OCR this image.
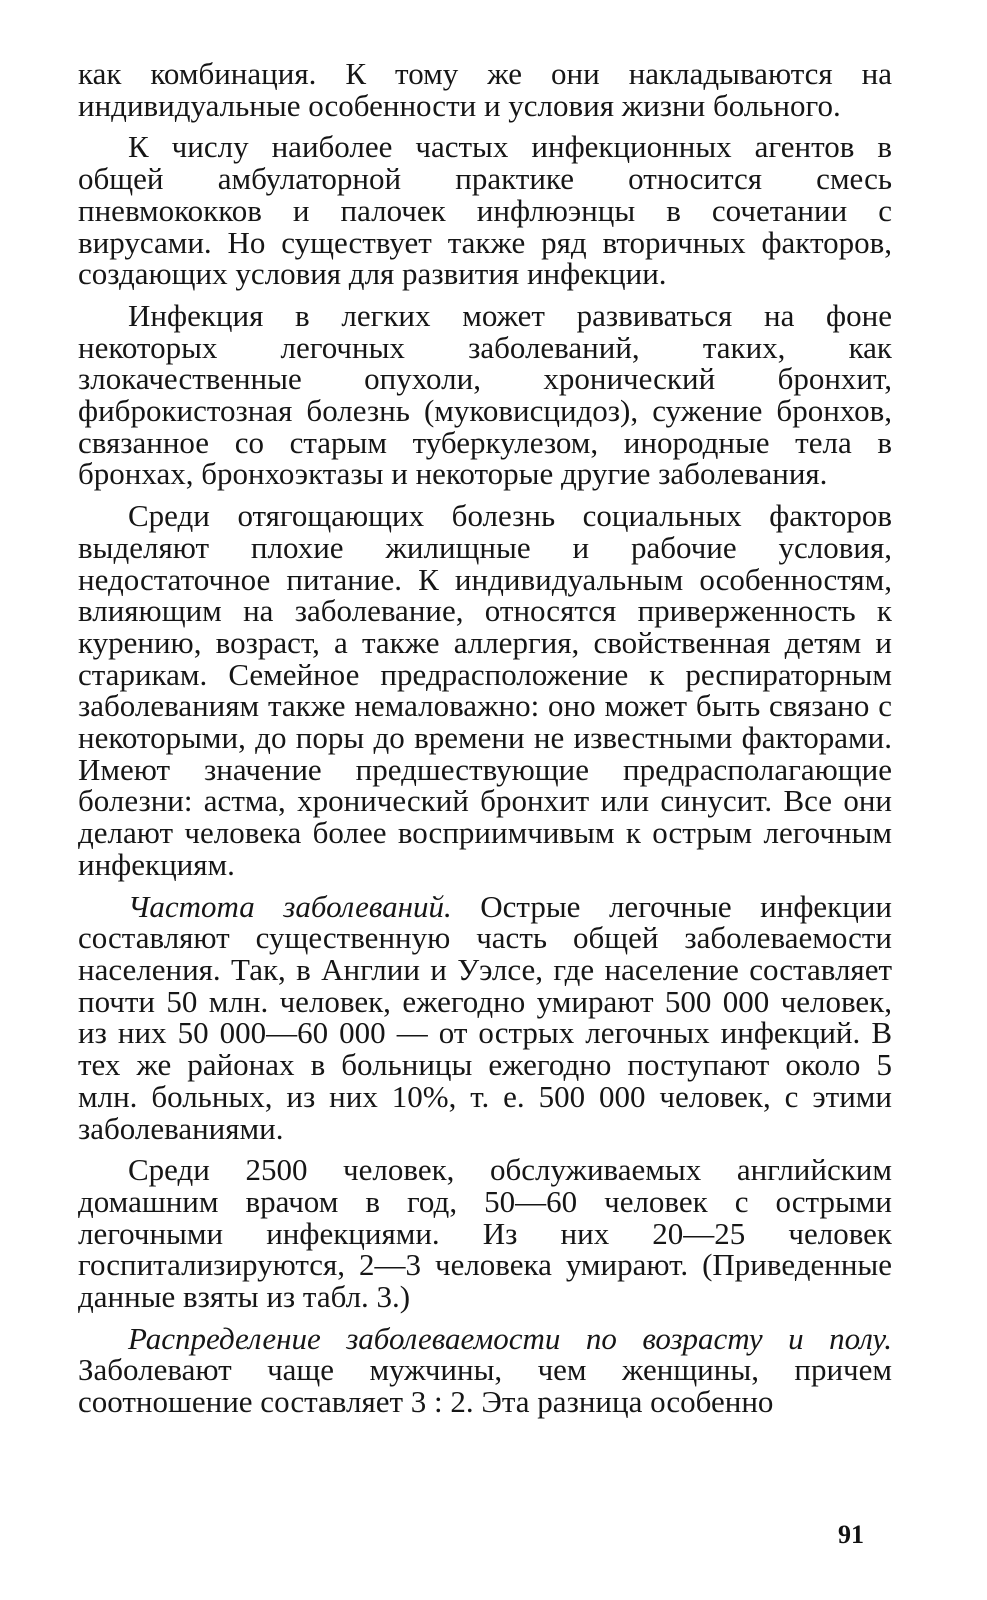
как комбинация. К тому же они накладываются на индивидуальные особенности и условия жизни больного.

К числу наиболее частых инфекционных агентов в общей амбулаторной практике относится смесь пневмококков и палочек инфлюэнцы в сочетании с вирусами. Но существует также ряд вторичных факторов, создающих условия для развития инфекции.

Инфекция в легких может развиваться на фоне некоторых легочных заболеваний, таких, как злокачественные опухоли, хронический бронхит, фиброкистозная болезнь (муковисцидоз), сужение бронхов, связанное со старым туберкулезом, инородные тела в бронхах, бронхоэктазы и некоторые другие заболевания.

Среди отягощающих болезнь социальных факторов выделяют плохие жилищные и рабочие условия, недостаточное питание. К индивидуальным особенностям, влияющим на заболевание, относятся приверженность к курению, возраст, а также аллергия, свойственная детям и старикам. Семейное предрасположение к респираторным заболеваниям также немаловажно: оно может быть связано с некоторыми, до поры до времени не известными факторами. Имеют значение предшествующие предрасполагающие болезни: астма, хронический бронхит или синусит. Все они делают человека более восприимчивым к острым легочным инфекциям.

Частота заболеваний. Острые легочные инфекции составляют существенную часть общей заболеваемости населения. Так, в Англии и Уэлсе, где население составляет почти 50 млн. человек, ежегодно умирают 500 000 человек, из них 50 000—60 000 — от острых легочных инфекций. В тех же районах в больницы ежегодно поступают около 5 млн. больных, из них 10%, т. е. 500 000 человек, с этими заболеваниями.

Среди 2500 человек, обслуживаемых английским домашним врачом в год, 50—60 человек с острыми легочными инфекциями. Из них 20—25 человек госпитализируются, 2—3 человека умирают. (Приведенные данные взяты из табл. 3.)

Распределение заболеваемости по возрасту и полу. Заболевают чаще мужчины, чем женщины, причем соотношение составляет 3 : 2. Эта разница особенно

91
